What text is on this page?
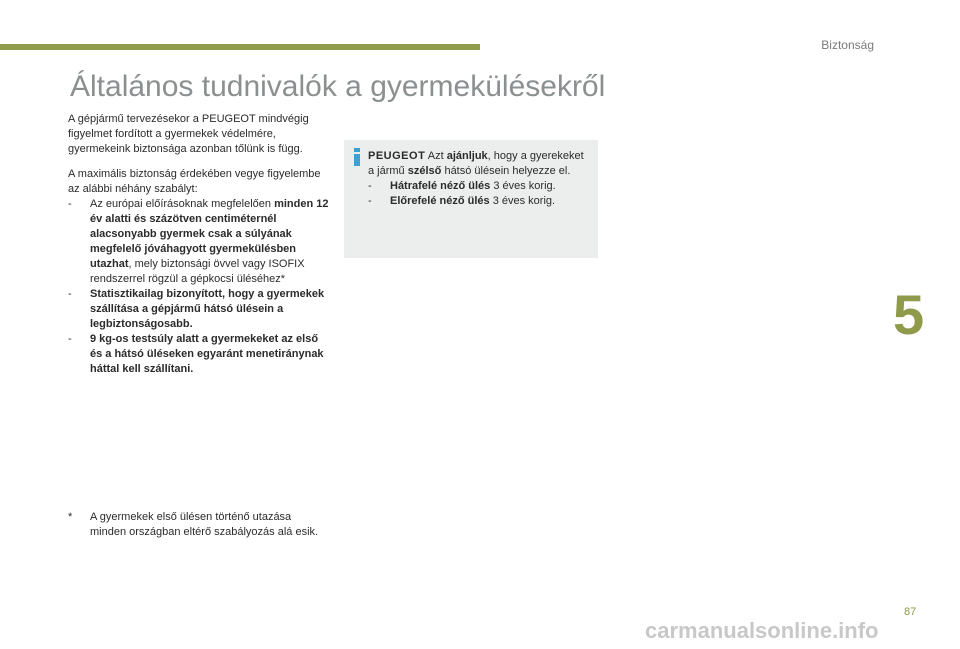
Biztonság
5
Általános tudnivalók a gyermekülésekről

A gépjármű tervezésekor a PEUGEOT mindvégig figyelmet fordított a gyermekek védelmére, gyermekeink biztonsága azonban tőlünk is függ.

A maximális biztonság érdekében vegye figyelembe az alábbi néhány szabályt:

-	Az európai előírásoknak megfelelően minden 12 év alatti és százötven centiméternél alacsonyabb gyermek csak a súlyának megfelelő jóváhagyott gyermekülésben utazhat, mely biztonsági övvel vagy ISOFIX rendszerrel rögzül a gépkocsi üléséhez*
-	Statisztikailag bizonyított, hogy a gyermekek szállítása a gépjármű hátsó ülésein a legbiztonságosabb.
-	9 kg-os testsúly alatt a gyermekeket az első és a hátsó üléseken egyaránt menetiránynak háttal kell szállítani.
PEUGEOT Azt ajánljuk, hogy a gyerekeket a jármű szélső hátsó ülésein helyezze el.
-	Hátrafelé néző ülés 3 éves korig.
-	Előrefelé néző ülés 3 éves korig.
*	A gyermekek első ülésen történő utazása minden országban eltérő szabályozás alá esik.
87
carmanualsonline.info
